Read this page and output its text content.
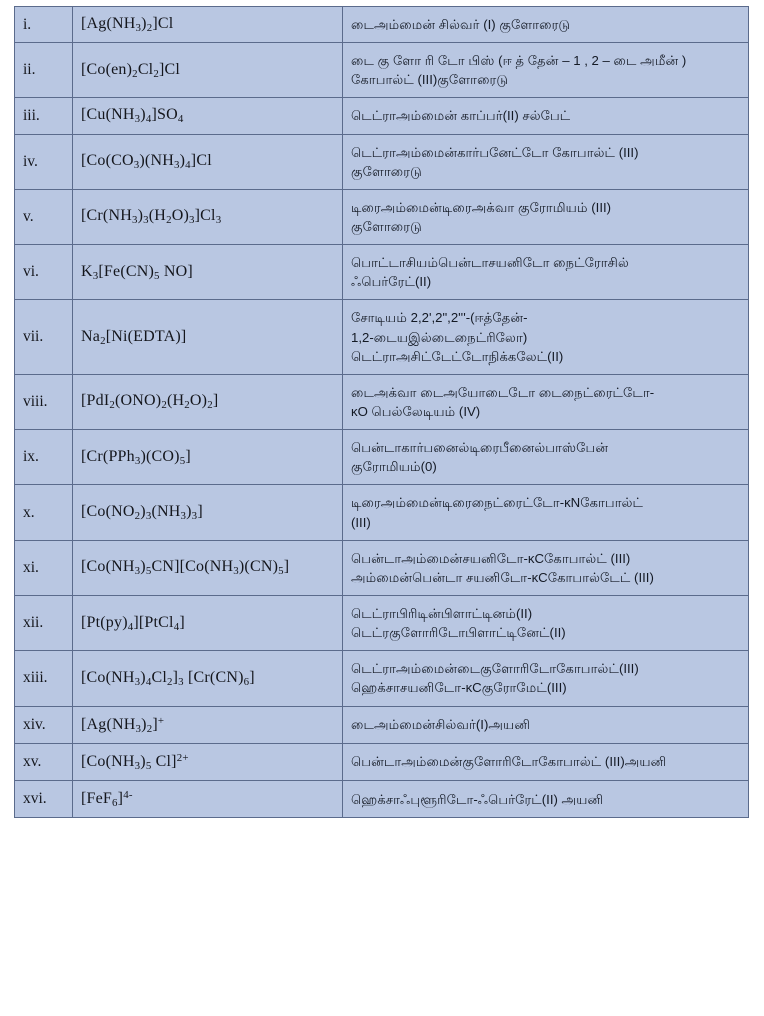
i.	$[Ag(NH_3)_2]Cl$	டைஅம்மைன் சில்வர் (I) குளோரைடு

ii.	$[Co(en)_2Cl_2]Cl$	டை கு ளோ ரி டோ பிஸ் (ஈ த் தேன் – 1 , 2 – டை அமீன் )
கோபால்ட் (III)குளோரைடு

iii.	$[Cu(NH_3)_4]SO_4$	டெட்ராஅம்மைன் காப்பர்(II) சல்பேட்

iv.	$[Co(CO_3)(NH_3)_4]Cl$	டெட்ராஅம்மைன்கார்பனேட்டோ கோபால்ட் (III)
குளோரைடு

v.	$[Cr(NH_3)_3(H_2O)_3]Cl_3$	டிரைஅம்மைன்டிரைஅக்வா குரோமியம் (III)
குளோரைடு

vi.	$K_3[Fe(CN)_5$ NO]	பொட்டாசியம்பென்டாசயனிடோ நைட்ரோசில்
ஃபெர்ரேட்(II)

vii.	$Na_2[Ni(EDTA)]$	சோடியம் 2,2',2",2'''-(ஈத்தேன்-
1,2-டையஇல்டைநைட்ரிலோ)
டெட்ராஅசிட்டேட்டோநிக்கலேட்(II)

viii.	$[PdI_2(ONO)_2(H_2O)_2]$	டைஅக்வா டைஅயோடைடோ டைநைட்ரைட்டோ-
κO பெல்லேடியம் (IV)

ix.	$[Cr(PPh_3)(CO)_5]$	பென்டாகார்பனைல்டிரைபீனைல்பாஸ்பேன்
குரோமியம்(0)

x.	$[Co(NO_2)_3(NH_3)_3]$	டிரைஅம்மைன்டிரைநைட்ரைட்டோ-κNகோபால்ட்
(III)

xi.	$[Co(NH_3)_5CN][Co(NH_3)(CN)_5]$	பென்டாஅம்மைன்சயனிடோ-κCகோபால்ட் (III)
அம்மைன்பென்டா சயனிடோ-κCகோபால்டேட் (III)

xii.	$[Pt(py)_4][PtCl_4]$	டெட்ராபிரிடின்பிளாட்டினம்(II)
டெட்ரகுளோரிடோபிளாட்டினேட்(II)

xiii.	$[Co(NH_3)_4Cl_2]_3$ $[Cr(CN)_6]$	டெட்ராஅம்மைன்டைகுளோரிடோகோபால்ட்(III)
ஹெக்சாசயனிடோ-κCகுரோமேட்(III)

xiv.	$[Ag(NH_3)_2]^+$	டைஅம்மைன்சில்வர்(I)அயனி

xv.	[$Co(NH_3)_5$ Cl]$^{2+}$	பென்டாஅம்மைன்குளோரிடோகோபால்ட் (III)அயனி

xvi.	$[FeF_6]^{4-}$	ஹெக்சாஃபுளூரிடோ-ஃபெர்ரேட்(II) அயனி
